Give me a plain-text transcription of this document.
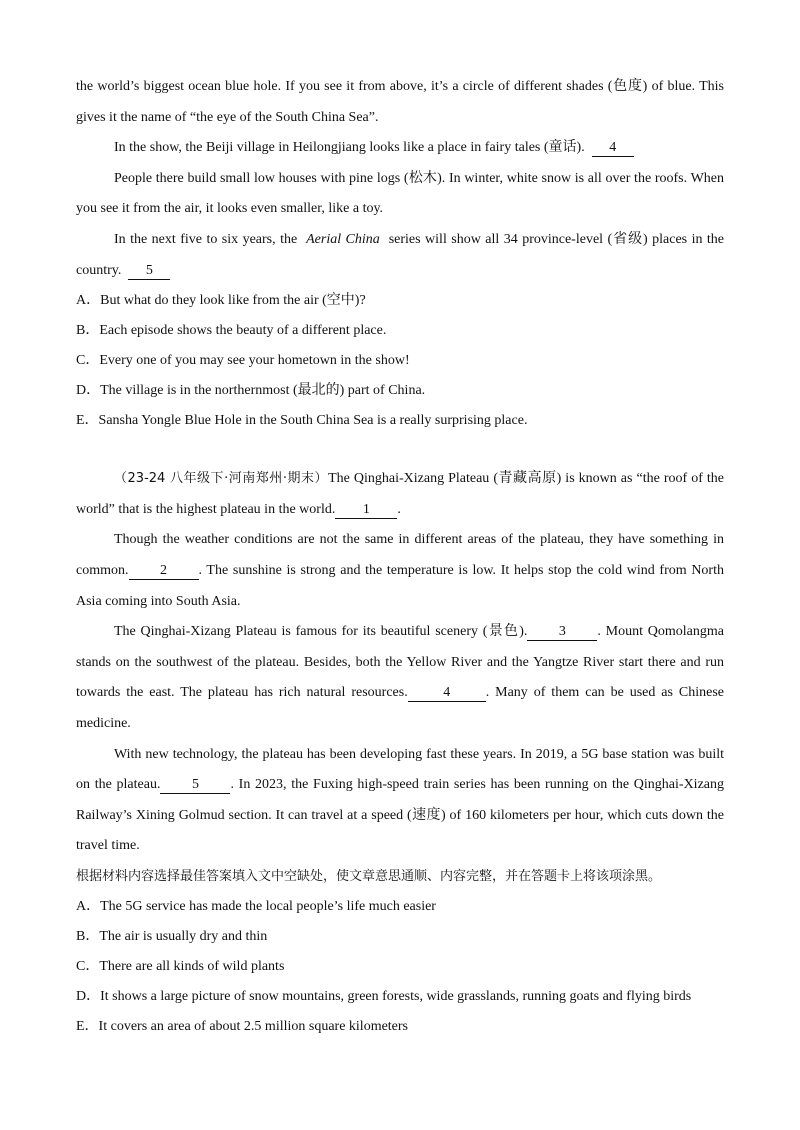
the world’s biggest ocean blue hole. If you see it from above, it’s a circle of different shades (色度) of blue. This gives it the name of “the eye of the South China Sea”.

In the show, the Beiji village in Heilongjiang looks like a place in fairy tales (童话). 4

People there build small low houses with pine logs (松木). In winter, white snow is all over the roofs. When you see it from the air, it looks even smaller, like a toy.

In the next five to six years, the Aerial China series will show all 34 province-level (省级) places in the country. 5

A．But what do they look like from the air (空中)?

B．Each episode shows the beauty of a different place.

C．Every one of you may see your hometown in the show!

D．The village is in the northernmost (最北的) part of China.

E．Sansha Yongle Blue Hole in the South China Sea is a really surprising place.

（23-24 八年级下·河南郑州·期末）The Qinghai-Xizang Plateau (青藏高原) is known as “the roof of the world” that is the highest plateau in the world. 1 .

Though the weather conditions are not the same in different areas of the plateau, they have something in common. 2 . The sunshine is strong and the temperature is low. It helps stop the cold wind from North Asia coming into South Asia.

The Qinghai-Xizang Plateau is famous for its beautiful scenery (景色). 3 . Mount Qomolangma stands on the southwest of the plateau. Besides, both the Yellow River and the Yangtze River start there and run towards the east. The plateau has rich natural resources.	4	. Many of them can be used as Chinese medicine.

With new technology, the plateau has been developing fast these years. In 2019, a 5G base station was built on the plateau. 5 . In 2023, the Fuxing high-speed train series has been running on the Qinghai-Xizang Railway’s Xining Golmud section. It can travel at a speed (速度) of 160 kilometers per hour, which cuts down the travel time.

根据材料内容选择最佳答案填入文中空缺处，使文章意思通顺、内容完整，并在答题卡上将该项涂黑。

A．The 5G service has made the local people’s life much easier

B．The air is usually dry and thin

C．There are all kinds of wild plants

D．It shows a large picture of snow mountains, green forests, wide grasslands, running goats and flying birds

E．It covers an area of about 2.5 million square kilometers
